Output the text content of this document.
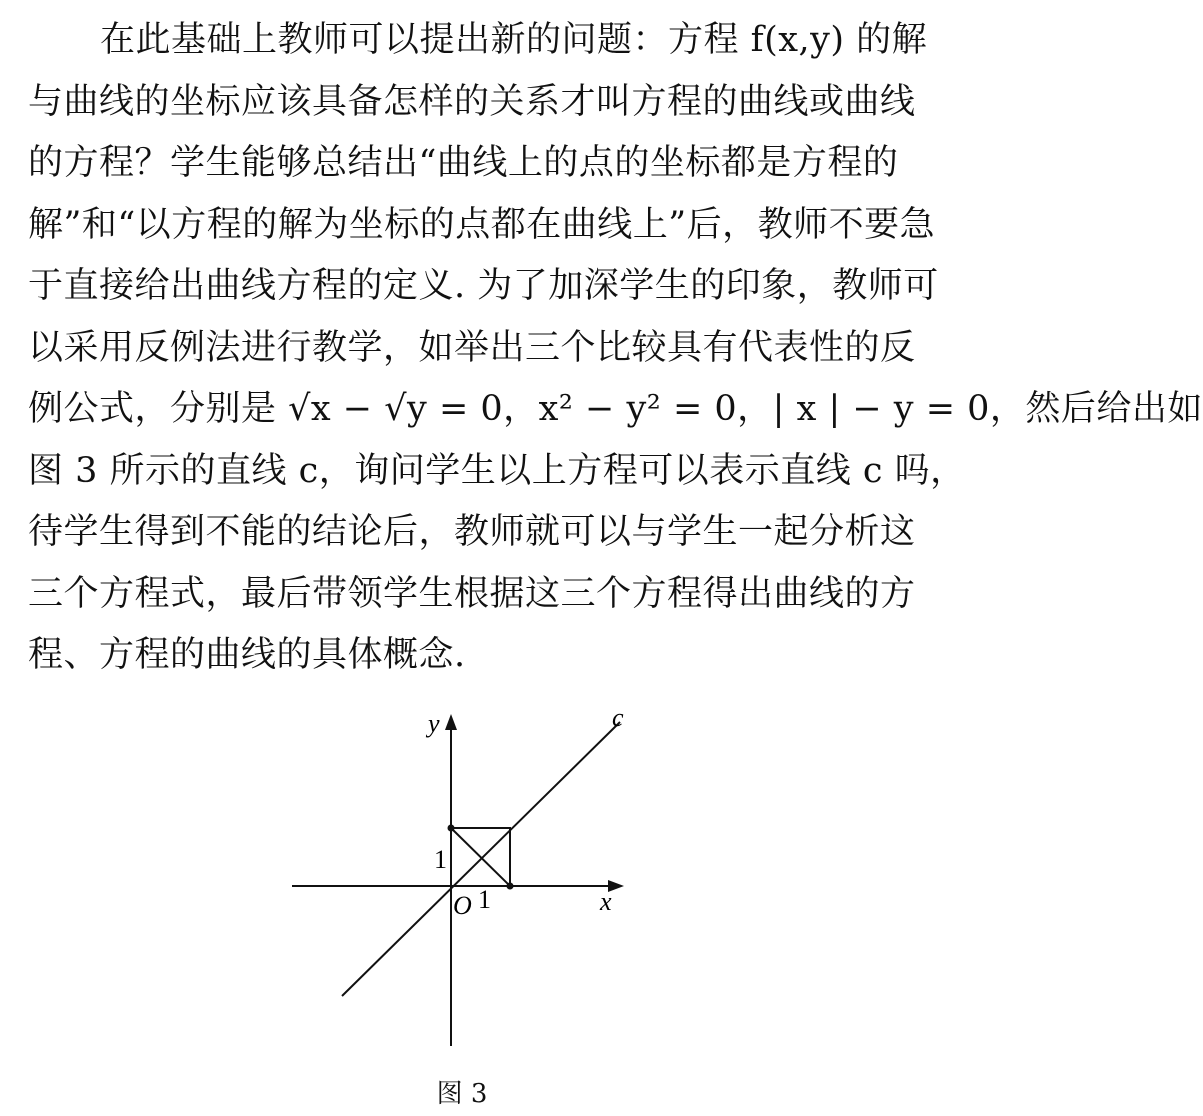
在此基础上教师可以提出新的问题：方程 f(x,y) 的解
与曲线的坐标应该具备怎样的关系才叫方程的曲线或曲线
的方程？学生能够总结出“曲线上的点的坐标都是方程的
解”和“以方程的解为坐标的点都在曲线上”后，教师不要急
于直接给出曲线方程的定义. 为了加深学生的印象，教师可
以采用反例法进行教学，如举出三个比较具有代表性的反
例公式，分别是 √x − √y = 0，x² − y² = 0，| x | − y = 0，然后给出如
图 3 所示的直线 c，询问学生以上方程可以表示直线 c 吗，
待学生得到不能的结论后，教师就可以与学生一起分析这
三个方程式，最后带领学生根据这三个方程得出曲线的方
程、方程的曲线的具体概念.
y	c
1
O 1	x
图 3
